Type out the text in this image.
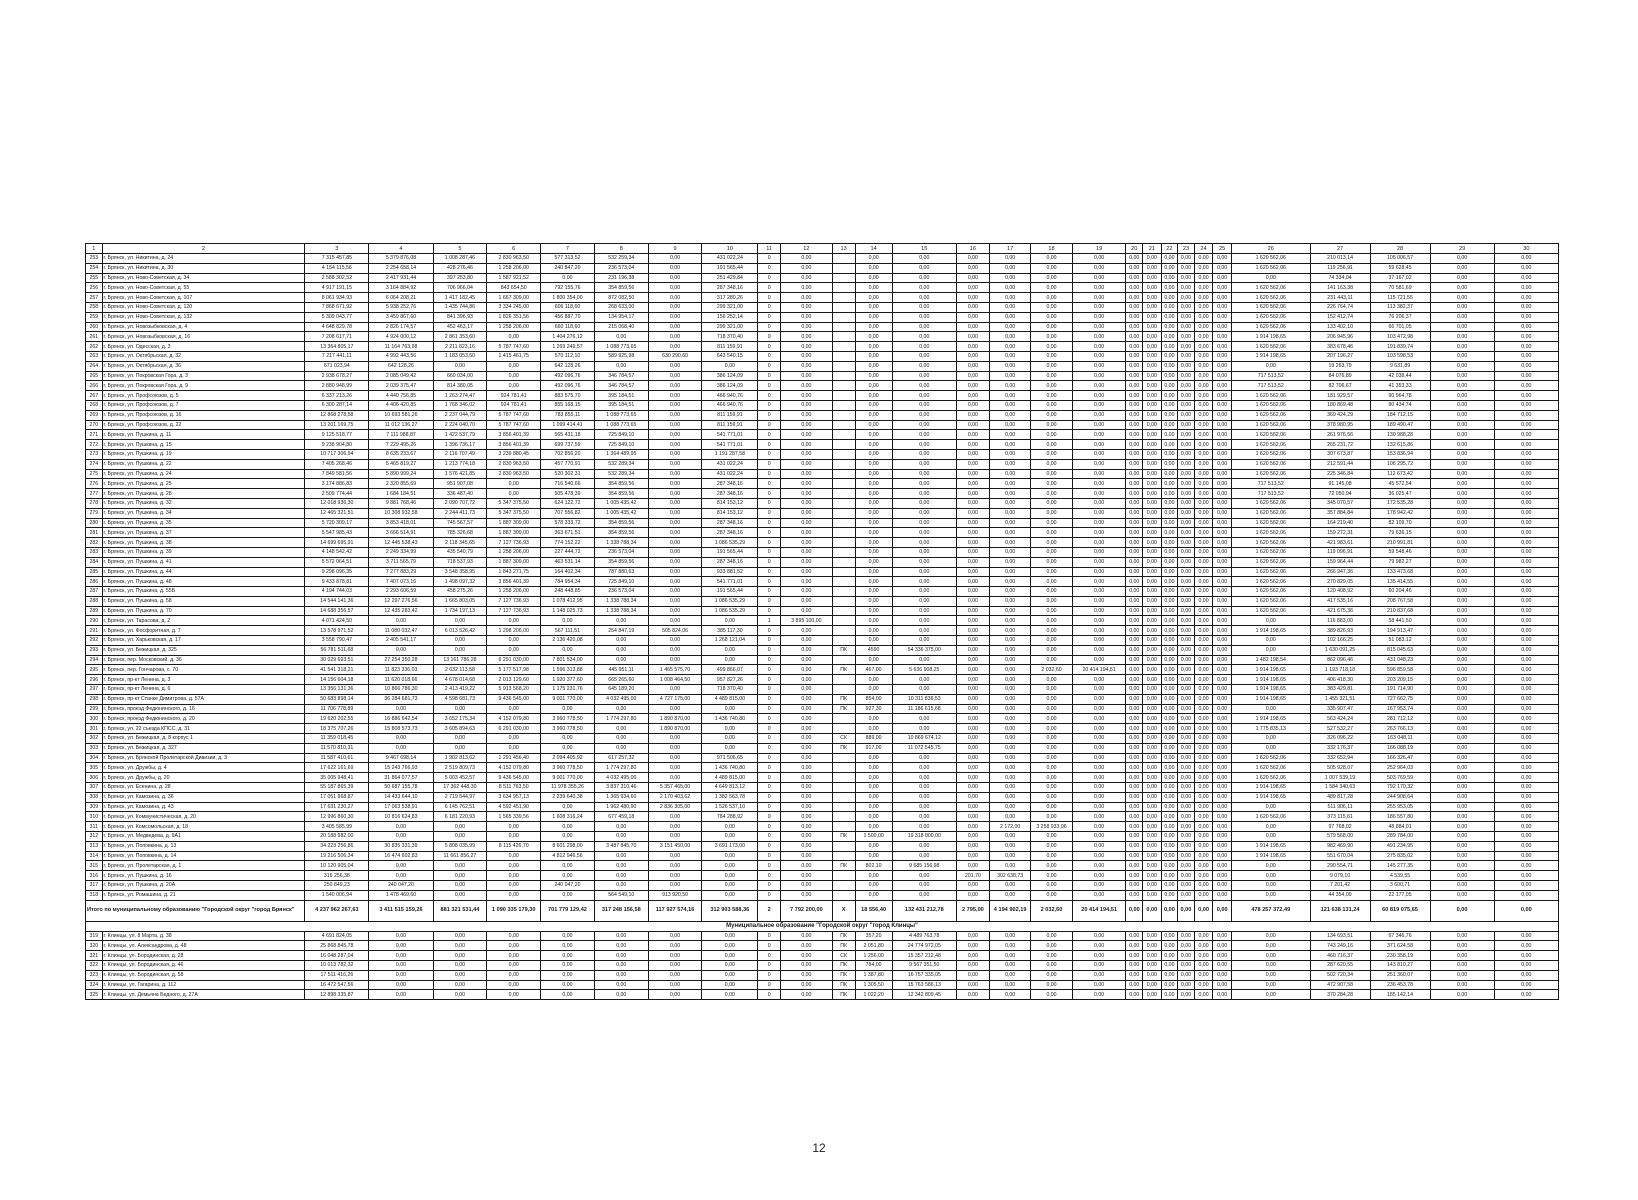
1	2	3	4	5	6	7	8	9	10	11	12	13	14	15	16	17	18	19	20	21	22	23	24	25	26	27	28	29	30
253	г. Брянск, ул. Никитина, д. 24	7 315 457,85	5 379 876,08	1 008 287,46	2 830 963,50	577 313,52	532 259,34	0,00	431 022,24	0	0,00		0,00	0,00	0,00	0,00	0,00	0,00	0,00	0,00	0,00	0,00	0,00	0,00	1 620 562,06	210 013,14	105 006,57	0,00	0,00
254	г. Брянск, ул. Никитина, д. 30	4 154 115,56	2 254 658,14	428 276,46	1 258 206,00	240 847,20	236 573,04	0,00	191 565,44	0	0,00		0,00	0,00	0,00	0,00	0,00	0,00	0,00	0,00	0,00	0,00	0,00	0,00	1 620 562,06	119 256,91	59 628,45	0,00	0,00
255	г. Брянск, ул. Ново-Советская, д. 34	2 588 302,52	2 417 931,44	397 253,80	1 587 921,52	0,00	231 196,38	0,00	251 429,84	0	0,00		0,00	0,00	0,00	0,00	0,00	0,00	0,00	0,00	0,00	0,00	0,00	0,00	0,00	74 334,04	37 167,02	0,00	0,00
256	г. Брянск, ул. Ново-Советская, д. 55	4 917 191,15	3 164 884,92	706 966,04	843 654,50	792 155,76	354 859,56	0,00	287 348,16	0	0,00		0,00	0,00	0,00	0,00	0,00	0,00	0,00	0,00	0,00	0,00	0,00	0,00	1 620 562,06	141 163,38	70 581,69	0,00	0,00
257	г. Брянск, ул. Ново-Советская, д. 107	8 061 934,93	6 064 208,21	1 417 182,45	1 667 309,00	1 800 354,00	872 082,50	0,00	317 280,26	0	0,00		0,00	0,00	0,00	0,00	0,00	0,00	0,00	0,00	0,00	0,00	0,00	0,00	1 620 562,06	231 443,11	115 721,55	0,00	0,00
258	г. Брянск, ул. Ново-Советская, д. 120	7 868 671,92	5 938 252,76	1 435 744,86	3 334 245,00	606 118,60	268 633,00	0,00	299 321,00	0	0,00		0,00	0,00	0,00	0,00	0,00	0,00	0,00	0,00	0,00	0,00	0,00	0,00	1 620 562,06	226 764,74	113 382,37	0,00	0,00
259	г. Брянск, ул. Ново-Советская, д. 132	5 309 043,77	3 459 867,60	841 396,93	1 826 351,56	456 887,70	134 954,17	0,00	156 252,14	0	0,00		0,00	0,00	0,00	0,00	0,00	0,00	0,00	0,00	0,00	0,00	0,00	0,00	1 620 562,06	152 412,74	76 206,37	0,00	0,00
260	г. Брянск, ул. Новозыбковская, д. 4	4 648 829,78	2 826 174,57	452 463,17	1 258 206,00	660 118,60	215 068,40	0,00	299 321,00	0	0,00		0,00	0,00	0,00	0,00	0,00	0,00	0,00	0,00	0,00	0,00	0,00	0,00	1 620 562,06	133 402,10	66 701,05	0,00	0,00
261	г. Брянск, ул. Новозыбковская, д. 16	7 208 617,71	4 924 000,12	2 861 353,60	0,00	1 404 276,12	0,00	0,00	718 370,40	0	0,00		0,00	0,00	0,00	0,00	0,00	0,00	0,00	0,00	0,00	0,00	0,00	0,00	1 914 198,65	206 945,96	103 472,98	0,00	0,00
262	г. Брянск, ул. Одесская, д. 3	13 364 805,17	11 164 763,98	2 211 823,16	5 787 747,60	1 269 249,57	1 088 773,65	0,00	811 159,91	0	0,00		0,00	0,00	0,00	0,00	0,00	0,00	0,00	0,00	0,00	0,00	0,00	0,00	1 620 562,06	383 678,46	191 839,74	0,00	0,00
263	г. Брянск, ул. Октябрьская, д. 32	7 217 441,11	4 992 443,56	1 183 053,50	1 415 461,75	570 112,10	589 925,98	630 290,60	643 540,15	0	0,00		0,00	0,00	0,00	0,00	0,00	0,00	0,00	0,00	0,00	0,00	0,00	0,00	1 914 198,65	207 196,27	103 598,53	0,00	0,00
264	г. Брянск, ул. Октябрьская, д. 36	671 023,94	642 128,26	0,00	0,00	642 128,26	0,00	0,00	0,00	0	0,00		0,00	0,00	0,00	0,00	0,00	0,00	0,00	0,00	0,00	0,00	0,00	0,00	0,00	19 263,79	9 631,89	0,00	0,00
265	г. Брянск, ул. Покровская Гора, д. 3	2 938 678,27	2 085 049,42	660 034,00	0,00	492 096,76	346 784,57	0,00	386 124,09	0	0,00		0,00	0,00	0,00	0,00	0,00	0,00	0,00	0,00	0,00	0,00	0,00	0,00	717 513,52	84 076,89	42 038,44	0,00	0,00
266	г. Брянск, ул. Покровская Гора, д. 9	2 880 948,99	2 039 375,47	814 380,05	0,00	492 096,76	346 784,57	0,00	386 124,09	0	0,00		0,00	0,00	0,00	0,00	0,00	0,00	0,00	0,00	0,00	0,00	0,00	0,00	717 513,52	82 706,67	41 353,33	0,00	0,00
267	г. Брянск, ул. Профсоюзов, д. 5	6 337 213,26	4 440 756,85	1 263 274,47	924 781,41	883 575,70	395 184,51	0,00	466 940,76	0	0,00		0,00	0,00	0,00	0,00	0,00	0,00	0,00	0,00	0,00	0,00	0,00	0,00	1 620 562,06	181 929,57	90 964,78	0,00	0,00
268	г. Брянск, ул. Профсоюзов, д. 7	6 300 287,14	4 406 420,85	1 768 346,02	924 781,41	855 168,15	395 184,51	0,00	466 940,76	0	0,00		0,00	0,00	0,00	0,00	0,00	0,00	0,00	0,00	0,00	0,00	0,00	0,00	1 620 562,06	180 869,48	90 434,74	0,00	0,00
269	г. Брянск, ул. Профсоюзов, д. 16	12 868 278,58	10 693 581,26	2 237 044,79	5 787 747,60	783 855,11	1 088 773,65	0,00	811 159,91	0	0,00		0,00	0,00	0,00	0,00	0,00	0,00	0,00	0,00	0,00	0,00	0,00	0,00	1 620 562,06	369 424,29	184 712,15	0,00	0,00
270	г. Брянск, ул. Профсоюзов, д. 22	13 201 169,75	11 012 136,27	2 224 040,70	5 787 747,60	1 099 414,41	1 088 773,65	0,00	811 159,91	0	0,00		0,00	0,00	0,00	0,00	0,00	0,00	0,00	0,00	0,00	0,00	0,00	0,00	1 620 562,06	378 980,95	189 490,47	0,00	0,00
271	г. Брянск, ул. Пушкина, д. 11	9 125 518,77	7 111 988,87	1 422 537,79	3 856 401,39	565 431,18	725 849,10	0,00	541 771,01	0	0,00		0,00	0,00	0,00	0,00	0,00	0,00	0,00	0,00	0,00	0,00	0,00	0,00	1 620 562,06	261 976,56	130 988,28	0,00	0,00
272	г. Брянск, ул. Пушкина, д. 15	9 238 904,80	7 229 495,26	1 396 736,17	3 856 401,39	699 737,59	725 849,10	0,00	541 771,01	0	0,00		0,00	0,00	0,00	0,00	0,00	0,00	0,00	0,00	0,00	0,00	0,00	0,00	1 620 562,06	265 231,72	132 615,86	0,00	0,00
273	г. Брянск, ул. Пушкина, д. 19	10 717 306,94	8 635 233,67	2 116 707,49	3 239 880,45	702 856,20	1 364 489,95	0,00	1 191 287,58	0	0,00		0,00	0,00	0,00	0,00	0,00	0,00	0,00	0,00	0,00	0,00	0,00	0,00	1 620 562,06	307 673,87	153 836,94	0,00	0,00
274	г. Брянск, ул. Пушкина, д. 22	7 405 268,46	5 465 819,27	1 213 774,18	2 830 963,50	457 770,91	532 289,34	0,00	431 022,24	0	0,00		0,00	0,00	0,00	0,00	0,00	0,00	0,00	0,00	0,00	0,00	0,00	0,00	1 620 562,06	212 591,44	106 295,72	0,00	0,00
275	г. Брянск, ул. Пушкина, д. 24	7 849 581,56	5 890 999,24	1 576 421,85	2 830 963,50	520 302,31	532 289,34	0,00	431 022,24	0	0,00		0,00	0,00	0,00	0,00	0,00	0,00	0,00	0,00	0,00	0,00	0,00	0,00	1 620 562,06	225 346,84	112 673,42	0,00	0,00
276	г. Брянск, ул. Пушкина, д. 25	3 174 886,83	2 320 855,69	951 907,08	0,00	716 540,66	354 859,56	0,00	287 348,16	0	0,00		0,00	0,00	0,00	0,00	0,00	0,00	0,00	0,00	0,00	0,00	0,00	0,00	717 513,52	91 145,08	45 572,54	0,00	0,00
277	г. Брянск, ул. Пушкина, д. 28	2 509 774,44	1 684 184,51	336 487,40	0,00	505 478,39	354 859,56	0,00	287 348,16	0	0,00		0,00	0,00	0,00	0,00	0,00	0,00	0,00	0,00	0,00	0,00	0,00	0,00	717 513,52	72 050,94	36 025,47	0,00	0,00
278	г. Брянск, ул. Пушкина, д. 32	12 018 936,30	9 881 768,46	2 090 707,72	5 347 375,50	624 122,72	1 005 435,42	0,00	814 153,12	0	0,00		0,00	0,00	0,00	0,00	0,00	0,00	0,00	0,00	0,00	0,00	0,00	0,00	1 620 562,06	345 070,57	172 535,28	0,00	0,00
279	г. Брянск, ул. Пушкина, д. 34	12 465 321,51	10 308 932,58	2 244 411,73	5 347 375,50	707 556,82	1 005 435,42	0,00	814 153,12	0	0,00		0,00	0,00	0,00	0,00	0,00	0,00	0,00	0,00	0,00	0,00	0,00	0,00	1 620 562,06	357 884,84	178 942,42	0,00	0,00
280	г. Брянск, ул. Пушкина, д. 35	5 720 309,17	3 853 418,01	745 567,57	1 887 309,00	578 333,72	354 859,56	0,00	287 348,16	0	0,00		0,00	0,00	0,00	0,00	0,00	0,00	0,00	0,00	0,00	0,00	0,00	0,00	1 620 562,06	164 219,40	82 109,70	0,00	0,00
281	г. Брянск, ул. Пушкина, д. 37	5 547 985,43	3 666 514,91	785 326,68	1 887 309,00	363 671,51	354 859,56	0,00	287 348,16	0	0,00		0,00	0,00	0,00	0,00	0,00	0,00	0,00	0,00	0,00	0,00	0,00	0,00	1 620 562,06	159 272,31	79 636,15	0,00	0,00
282	г. Брянск, ул. Пушкина, д. 38	14 699 695,91	12 445 538,43	2 118 345,65	7 127 736,93	774 152,22	1 338 788,34	0,00	1 086 535,29	0	0,00		0,00	0,00	0,00	0,00	0,00	0,00	0,00	0,00	0,00	0,00	0,00	0,00	1 620 562,06	421 983,61	210 991,81	0,00	0,00
283	г. Брянск, ул. Пушкина, д. 39	4 148 542,42	2 249 334,99	435 540,79	1 258 206,00	227 444,72	236 573,04	0,00	191 565,44	0	0,00		0,00	0,00	0,00	0,00	0,00	0,00	0,00	0,00	0,00	0,00	0,00	0,00	1 620 562,06	119 096,91	59 548,46	0,00	0,00
284	г. Брянск, ул. Пушкина, д. 41	5 572 064,51	3 711 565,79	718 537,93	1 887 309,00	463 531,14	354 859,56	0,00	287 348,16	0	0,00		0,00	0,00	0,00	0,00	0,00	0,00	0,00	0,00	0,00	0,00	0,00	0,00	1 620 562,06	159 964,44	79 982,27	0,00	0,00
285	г. Брянск, ул. Пушкина, д. 44	9 298 096,35	7 277 883,29	3 548 358,95	1 843 271,75	164 402,34	787 880,63	0,00	933 881,52	0	0,00		0,00	0,00	0,00	0,00	0,00	0,00	0,00	0,00	0,00	0,00	0,00	0,00	1 620 562,06	266 947,36	133 473,68	0,00	0,00
286	г. Брянск, ул. Пушкина, д. 48	9 433 878,81	7 407 073,16	1 498 097,32	3 856 401,39	784 954,34	725 849,10	0,00	541 771,01	0	0,00		0,00	0,00	0,00	0,00	0,00	0,00	0,00	0,00	0,00	0,00	0,00	0,00	1 620 562,06	270 829,05	135 414,55	0,00	0,00
287	г. Брянск, ул. Пушкина, д. 55Б	4 194 744,03	2 293 606,59	458 275,26	1 258 206,00	248 448,85	236 573,04	0,00	191 565,44	0	0,00		0,00	0,00	0,00	0,00	0,00	0,00	0,00	0,00	0,00	0,00	0,00	0,00	1 620 562,06	120 408,92	60 204,46	0,00	0,00
288	г. Брянск, ул. Пушкина, д. 58	14 544 141,36	12 297 276,56	1 665 803,05	7 127 736,93	1 078 412,95	1 338 788,34	0,00	1 086 535,29	0	0,00		0,00	0,00	0,00	0,00	0,00	0,00	0,00	0,00	0,00	0,00	0,00	0,00	1 620 562,06	417 535,16	208 767,58	0,00	0,00
289	г. Брянск, ул. Пушкина, д. 70	14 688 356,57	12 435 283,42	1 734 197,13	7 127 736,93	1 148 025,73	1 338 788,34	0,00	1 086 535,29	0	0,00		0,00	0,00	0,00	0,00	0,00	0,00	0,00	0,00	0,00	0,00	0,00	0,00	1 620 562,06	421 675,36	210 837,68	0,00	0,00
290	г. Брянск, ул. Тарасова, д. 2	4 071 424,50	0,00	0,00	0,00	0,00	0,00	0,00	0,00	1	3 895 100,00		0,00	0,00	0,00	0,00	0,00	0,00	0,00	0,00	0,00	0,00	0,00	0,00	0,00	116 883,00	58 441,50	0,00	0,00
291	г. Брянск, ул. Фосфоритная, д. 7	13 578 971,52	11 080 032,47	6 013 526,42	1 298 206,00	567 111,51	254 847,19	505 824,06	385 117,30	0	0,00		0,00	0,00	0,00	0,00	0,00	0,00	0,00	0,00	0,00	0,00	0,00	0,00	1 914 198,65	389 826,93	194 913,47	0,00	0,00
292	г. Брянск, ул. Харьковская, д. 17	3 558 790,47	2 405 541,17	0,00	0,00	2 136 420,08	0,00	0,00	1 268 121,04	0	0,00		0,00	0,00	0,00	0,00	0,00	0,00	0,00	0,00	0,00	0,00	0,00	0,00	0,00	102 166,25	51 083,12	0,00	0,00
293	г. Брянск, ул. Бежицкая, д. 325	56 781 511,68	0,00	0,00	0,00	0,00	0,00	0,00	0,00	0	0,00	ПК	4590	54 336 375,00	0,00	0,00	0,00	0,00	0,00	0,00	0,00	0,00	0,00	0,00	0,00	1 630 091,25	815 045,63	0,00	0,00
294	г. Брянск, пер. Московский, д. 36	30 029 693,51	27 254 350,28	13 161 786,28	6 291 030,00	7 801 534,00	0,00	0,00	0,00	0	0,00		0,00	0,00	0,00	0,00	0,00	0,00	0,00	0,00	0,00	0,00	0,00	0,00	1 482 198,54	862 096,46	431 048,23	0,00	0,00
295	г. Брянск, пер. Гончарова, с. 70	41 541 318,21	11 823 336,03	2 632 113,58	5 177 517,98	1 596 313,88	445 951,11	1 465 575,70	499 866,07	0	0,00	ПК	467,00	5 636 908,25	0,00	0,00	2 032,60	20 414 194,51	0,00	0,00	0,00	0,00	0,00	0,00	1 914 198,65	1 193 718,18	596 859,58	0,00	0,00
296	г. Брянск, пр-кт Ленина, д. 3	14 156 604,18	11 620 018,66	4 678 014,68	2 013 129,60	1 920 377,60	665 265,60	1 008 464,50	957 827,26	0	0,00		0,00	0,00	0,00	0,00	0,00	0,00	0,00	0,00	0,00	0,00	0,00	0,00	1 914 198,65	406 418,30	203 209,15	0,00	0,00
297	г. Брянск, пр-кт Ленина, д. 6	13 356 131,36	10 866 786,30	2 413 419,22	5 913 568,20	1 175 231,76	645 189,20	0,00	718 370,40	0	0,00		0,00	0,00	0,00	0,00	0,00	0,00	0,00	0,00	0,00	0,00	0,00	0,00	1 914 198,65	383 429,81	191 714,90	0,00	0,00
298	г. Брянск, пр-кт Станке Димитрова, д. 57А	50 683 898,14	36 284 681,73	4 598 681,73	9 436 545,00	9 001 770,00	4 032 495,00	4 727 175,00	4 489 815,00	0	0,00	ПК	854,00	10 311 836,53	0,00	0,00	0,00	0,00	0,00	0,00	0,00	0,00	0,00	0,00	1 914 198,65	1 455 321,51	727 662,75	0,00	0,00
299	г. Брянск, проезд Федюнинского, д. 16	11 706 778,89	0,00	0,00	0,00	0,00	0,00	0,00	0,00	0	0,00	ПК	927,30	11 186 615,68	0,00	0,00	0,00	0,00	0,00	0,00	0,00	0,00	0,00	0,00	0,00	335 907,47	167 953,74	0,00	0,00
300	г. Брянск, проезд Федюнинского, д. 20	19 620 202,55	16 886 642,54	3 652 175,34	4 152 079,80	3 960 778,50	1 774 297,80	1 890 870,00	1 436 740,80	0	0,00		0,00	0,00	0,00	0,00	0,00	0,00	0,00	0,00	0,00	0,00	0,00	0,00	1 914 198,65	563 424,24	281 712,12	0,00	0,00
301	г. Брянск, ул. 22 съезда КПСС, д. 31	18 375 707,26	15 808 573,73	3 605 894,63	6 291 030,00	3 960 778,50	0,00	1 890 870,00	0,00	0	0,00		0,00	0,00	0,00	0,00	0,00	0,00	0,00	0,00	0,00	0,00	0,00	0,00	1 775 835,13	527 532,27	263 766,13	0,00	0,00
302	г. Брянск, ул. Бежицкая, д. 8 корпус 1	11 359 018,45	0,00	0,00	0,00	0,00	0,00	0,00	0,00	0	0,00	СК	889,00	10 869 674,12	0,00	0,00	0,00	0,00	0,00	0,00	0,00	0,00	0,00	0,00	0,00	326 096,22	163 048,11	0,00	0,00
303	г. Брянск, ул. Бежицкая, д. 327	11 570 810,31	0,00	0,00	0,00	0,00	0,00	0,00	0,00	0	0,00	ПК	917,00	11 072 545,75	0,00	0,00	0,00	0,00	0,00	0,00	0,00	0,00	0,00	0,00	0,00	332 176,37	166 088,19	0,00	0,00
304	г. Брянск, ул. Брянской Пролетарской Дивизии, д. 3	11 587 410,61	9 467 698,14	1 902 813,62	1 291 456,40	2 094 405,92	617 257,32	0,00	971 506,65	0	0,00		0,00	0,00	0,00	0,00	0,00	0,00	0,00	0,00	0,00	0,00	0,00	0,00	1 620 562,06	332 652,94	166 326,47	0,00	0,00
305	г. Брянск, ул. Дружбы, д. 4	17 622 161,69	15 243 766,93	2 519 809,73	4 152 079,80	3 960 778,50	1 774 297,80	0,00	1 436 740,80	0	0,00		0,00	0,00	0,00	0,00	0,00	0,00	0,00	0,00	0,00	0,00	0,00	0,00	1 620 562,06	505 928,07	252 964,03	0,00	0,00
306	г. Брянск, ул. Дружбы, д. 20	35 005 948,41	31 864 077,57	5 003 452,57	9 436 545,00	9 001 770,00	4 032 495,00	0,00	4 489 815,00	0	0,00		0,00	0,00	0,00	0,00	0,00	0,00	0,00	0,00	0,00	0,00	0,00	0,00	1 620 562,06	1 007 539,19	503 769,59	0,00	0,00
307	г. Брянск, ул. Есенина, д. 28	55 187 865,39	50 687 155,78	17 362 448,30	8 511 763,50	11 978 355,26	3 837 310,46	5 357 465,00	4 649 813,12	0	0,00		0,00	0,00	0,00	0,00	0,00	0,00	0,00	0,00	0,00	0,00	0,00	0,00	1 914 198,65	1 584 340,63	792 170,32	0,00	0,00
308	г. Брянск, ул. Камозина, д. 36	17 051 968,87	14 433 644,10	2 719 544,97	3 634 957,13	2 239 640,38	1 365 934,60	2 170 403,62	1 382 563,78	0	0,00		0,00	0,00	0,00	0,00	0,00	0,00	0,00	0,00	0,00	0,00	0,00	0,00	1 914 198,65	489 817,28	244 908,64	0,00	0,00
309	г. Брянск, ул. Камозина, д. 43	17 631 230,27	17 063 538,91	6 145 762,51	4 592 451,90	0,00	1 962 480,90	2 836 305,00	1 526 537,10	0	0,00		0,00	0,00	0,00	0,00	0,00	0,00	0,00	0,00	0,00	0,00	0,00	0,00	0,00	511 906,11	255 953,05	0,00	0,00
310	г. Брянск, ул. Коммунистическая, д. 20	12 996 860,30	10 816 624,83	6 181 220,93	1 565 339,56	1 608 316,24	677 459,18	0,00	784 288,92	0	0,00		0,00	0,00	0,00	0,00	0,00	0,00	0,00	0,00	0,00	0,00	0,00	0,00	1 620 562,06	373 115,61	186 557,80	0,00	0,00
311	г. Брянск, ул. Комсомольская, д. 18	3 405 585,99	0,00	0,00	0,00	0,00	0,00	0,00	0,00	0	0,00		0,00	0,00	0,00	2 172,00	3 258 933,96	0,00	0,00	0,00	0,00	0,00	0,00	0,00	0,00	97 768,02	48 884,01	0,00	0,00
312	г. Брянск, ул. Медведева, д. 9А1	20 188 982,00	0,00	0,00	0,00	0,00	0,00	0,00	0,00	0	0,00	ПК	1 500,00	19 318 800,00	0,00	0,00	0,00	0,00	0,00	0,00	0,00	0,00	0,00	0,00	0,00	579 568,00	289 784,00	0,00	0,00
313	г. Брянск, ул. Поповкина, д. 13	34 223 256,86	30 835 331,39	5 808 035,99	8 115 426,70	8 601 298,00	3 487 845,70	3 151 450,00	3 691 173,00	0	0,00		0,00	0,00	0,00	0,00	0,00	0,00	0,00	0,00	0,00	0,00	0,00	0,00	1 914 198,65	982 469,90	491 234,95	0,00	0,00
314	г. Брянск, ул. Поповкина, д. 14	19 216 506,34	16 474 602,83	11 661 856,27	0,00	4 812 946,56	0,00	0,00	0,00	0	0,00		0,00	0,00	0,00	0,00	0,00	0,00	0,00	0,00	0,00	0,00	0,00	0,00	1 914 198,65	551 670,04	275 835,02	0,00	0,00
315	г. Брянск, ул. Пролетарская, д. 1	10 120 905,04	0,00	0,00	0,00	0,00	0,00	0,00	0,00	0	0,00	ПК	802,10	9 685 156,98	0,00	0,00	0,00	0,00	0,00	0,00	0,00	0,00	0,00	0,00	0,00	290 554,71	145 277,35	0,00	0,00
316	г. Брянск, ул. Пушкина, д. 16	316 256,38	0,00	0,00	0,00	0,00	0,00	0,00	0,00	0	0,00		0,00	0,00	201,70	302 638,73	0,00	0,00	0,00	0,00	0,00	0,00	0,00	0,00	0,00	9 079,10	4 539,55	0,00	0,00
317	г. Брянск, ул. Пушкина, д. 20А	250 849,23	240 047,20	0,00	0,00	240 047,20	0,00	0,00	0,00	0	0,00		0,00	0,00	0,00	0,00	0,00	0,00	0,00	0,00	0,00	0,00	0,00	0,00	0,00	7 201,42	3 600,71	0,00	0,00
318	г. Брянск, ул. Ромашина, д. 21	1 540 006,94	1 478 469,60	0,00	0,00	0,00	564 549,10	913 920,50	0,00	0	0,00		0,00	0,00	0,00	0,00	0,00	0,00	0,00	0,00	0,00	0,00	0,00	0,00	0,00	44 354,09	22 177,05	0,00	0,00
Итого по муниципальному образованию "Городской округ "город Брянск"		4 237 962 267,63	3 411 515 159,26	881 321 531,44	1 090 335 179,30	701 779 129,42	317 248 156,58	117 927 574,16	312 903 588,36	2	7 792 200,00	X	18 556,40	132 431 212,78	2 795,00	4 194 902,19	2 032,60	20 414 194,51	0,00	0,00	0,00	0,00	0,00	0,00	478 257 372,49	121 638 131,24	60 819 075,65	0,00	0,00
Муниципальное образование "Городской округ "город Клинцы"																													
319	г. Клинцы, ул. 8 Марта, д. 38	4 691 824,05	0,00	0,00	0,00	0,00	0,00	0,00	0,00	0	0,00	ПК	357,20	4 489 763,78	0,00	0,00	0,00	0,00	0,00	0,00	0,00	0,00	0,00	0,00	0,00	134 693,51	67 346,76	0,00	0,00
320	г. Клинцы, ул. Александрова, д. 48	25 868 845,78	0,00	0,00	0,00	0,00	0,00	0,00	0,00	0	0,00	ПК	2 051,80	24 774 972,05	0,00	0,00	0,00	0,00	0,00	0,00	0,00	0,00	0,00	0,00	0,00	743 249,16	371 624,58	0,00	0,00
321	г. Клинцы, ул. Бородинская, д. 28	16 048 287,04	0,00	0,00	0,00	0,00	0,00	0,00	0,00	0	0,00	СК	1 256,00	15 357 212,48	0,00	0,00	0,00	0,00	0,00	0,00	0,00	0,00	0,00	0,00	0,00	460 716,37	230 358,19	0,00	0,00
322	г. Клинцы, ул. Бородинская, д. 46	10 013 782,32	0,00	0,00	0,00	0,00	0,00	0,00	0,00	0	0,00	ПК	784,00	9 567 351,50	0,00	0,00	0,00	0,00	0,00	0,00	0,00	0,00	0,00	0,00	0,00	287 620,55	143 810,27	0,00	0,00
323	г. Клинцы, ул. Бородинская, д. 58	17 511 416,26	0,00	0,00	0,00	0,00	0,00	0,00	0,00	0	0,00	ПК	1 387,80	16 757 335,05	0,00	0,00	0,00	0,00	0,00	0,00	0,00	0,00	0,00	0,00	0,00	502 720,34	251 360,07	0,00	0,00
324	г. Клинцы, ул. Гагарина, д. 112	16 472 547,56	0,00	0,00	0,00	0,00	0,00	0,00	0,00	0	0,00	ПК	1 305,50	15 763 586,13	0,00	0,00	0,00	0,00	0,00	0,00	0,00	0,00	0,00	0,00	0,00	472 907,58	236 453,78	0,00	0,00
325	г. Клинцы, ул. Демьяна Бедного, д. 27А	12 898 335,87	0,00	0,00	0,00	0,00	0,00	0,00	0,00	0	0,00	ПК	1 022,20	12 342 809,45	0,00	0,00	0,00	0,00	0,00	0,00	0,00	0,00	0,00	0,00	0,00	370 284,28	185 142,14	0,00	0,00
12
